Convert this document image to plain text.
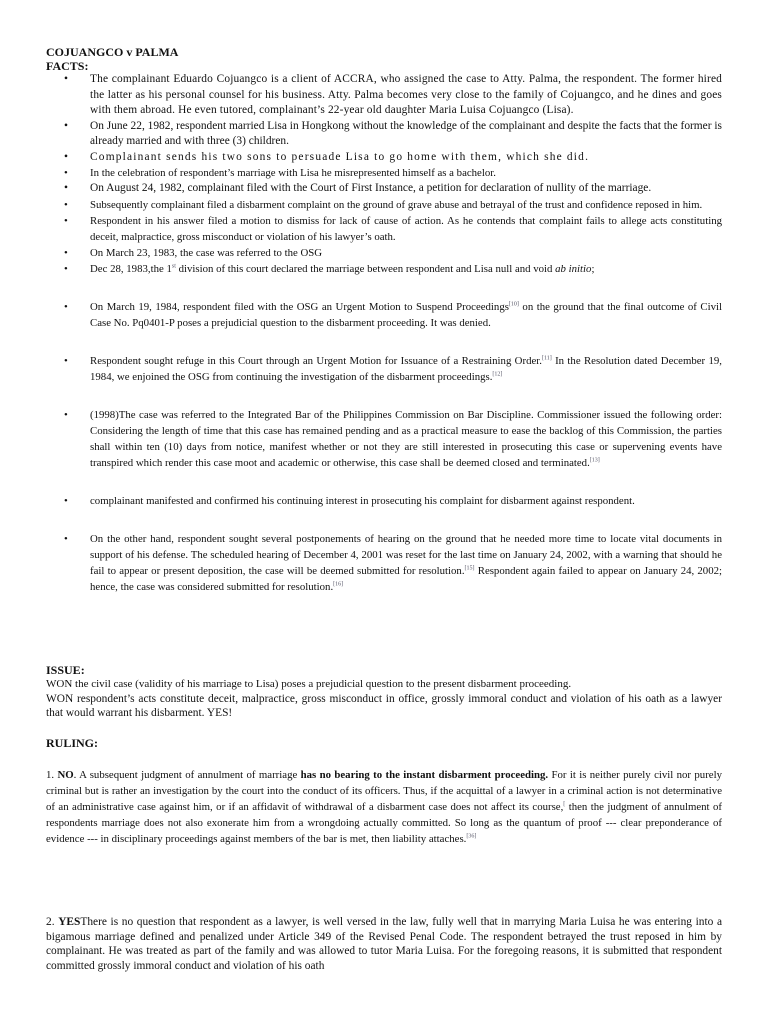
COJUANGCO v PALMA
FACTS:
• The complainant Eduardo Cojuangco is a client of ACCRA, who assigned the case to Atty. Palma, the respondent. The former hired the latter as his personal counsel for his business. Atty. Palma becomes very close to the family of Cojuangco, and he dines and goes with them abroad. He even tutored, complainant’s 22-year old daughter Maria Luisa Cojuangco (Lisa).
• On June 22, 1982, respondent married Lisa in Hongkong without the knowledge of the complainant and despite the facts that the former is already married and with three (3) children.
• Complainant sends his two sons to persuade Lisa to go home with them, which she did.
• In the celebration of respondent’s marriage with Lisa he misrepresented himself as a bachelor.
• On August 24, 1982, complainant filed with the Court of First Instance, a petition for declaration of nullity of the marriage.
• Subsequently complainant filed a disbarment complaint on the ground of grave abuse and betrayal of the trust and confidence reposed in him.
• Respondent in his answer filed a motion to dismiss for lack of cause of action. As he contends that complaint fails to allege acts constituting deceit, malpractice, gross misconduct or violation of his lawyer’s oath.
• On March 23, 1983, the case was referred to the OSG
• Dec 28, 1983,the 1st division of this court declared the marriage between respondent and Lisa null and void ab initio;
• On March 19, 1984, respondent filed with the OSG an Urgent Motion to Suspend Proceedings[10] on the ground that the final outcome of Civil Case No. Pq0401-P poses a prejudicial question to the disbarment proceeding. It was denied.
• Respondent sought refuge in this Court through an Urgent Motion for Issuance of a Restraining Order.[11] In the Resolution dated December 19, 1984, we enjoined the OSG from continuing the investigation of the disbarment proceedings.[12]
• (1998)The case was referred to the Integrated Bar of the Philippines Commission on Bar Discipline. Commissioner issued the following order: Considering the length of time that this case has remained pending and as a practical measure to ease the backlog of this Commission, the parties shall within ten (10) days from notice, manifest whether or not they are still interested in prosecuting this case or supervening events have transpired which render this case moot and academic or otherwise, this case shall be deemed closed and terminated.[13]
• complainant manifested and confirmed his continuing interest in prosecuting his complaint for disbarment against respondent.
• On the other hand, respondent sought several postponements of hearing on the ground that he needed more time to locate vital documents in support of his defense. The scheduled hearing of December 4, 2001 was reset for the last time on January 24, 2002, with a warning that should he fail to appear or present deposition, the case will be deemed submitted for resolution.[15] Respondent again failed to appear on January 24, 2002; hence, the case was considered submitted for resolution.[16]
ISSUE:
WON the civil case (validity of his marriage to Lisa) poses a prejudicial question to the present disbarment proceeding.
WON respondent’s acts constitute deceit, malpractice, gross misconduct in office, grossly immoral conduct and violation of his oath as a lawyer that would warrant his disbarment. YES!
RULING:
1. NO. A subsequent judgment of annulment of marriage has no bearing to the instant disbarment proceeding. For it is neither purely civil nor purely criminal but is rather an investigation by the court into the conduct of its officers. Thus, if the acquittal of a lawyer in a criminal action is not determinative of an administrative case against him, or if an affidavit of withdrawal of a disbarment case does not affect its course,[ then the judgment of annulment of respondents marriage does not also exonerate him from a wrongdoing actually committed. So long as the quantum of proof --- clear preponderance of evidence --- in disciplinary proceedings against members of the bar is met, then liability attaches.[36]
2. YESThere is no question that respondent as a lawyer, is well versed in the law, fully well that in marrying Maria Luisa he was entering into a bigamous marriage defined and penalized under Article 349 of the Revised Penal Code. The respondent betrayed the trust reposed in him by complainant. He was treated as part of the family and was allowed to tutor Maria Luisa. For the foregoing reasons, it is submitted that respondent committed grossly immoral conduct and violation of his oath
